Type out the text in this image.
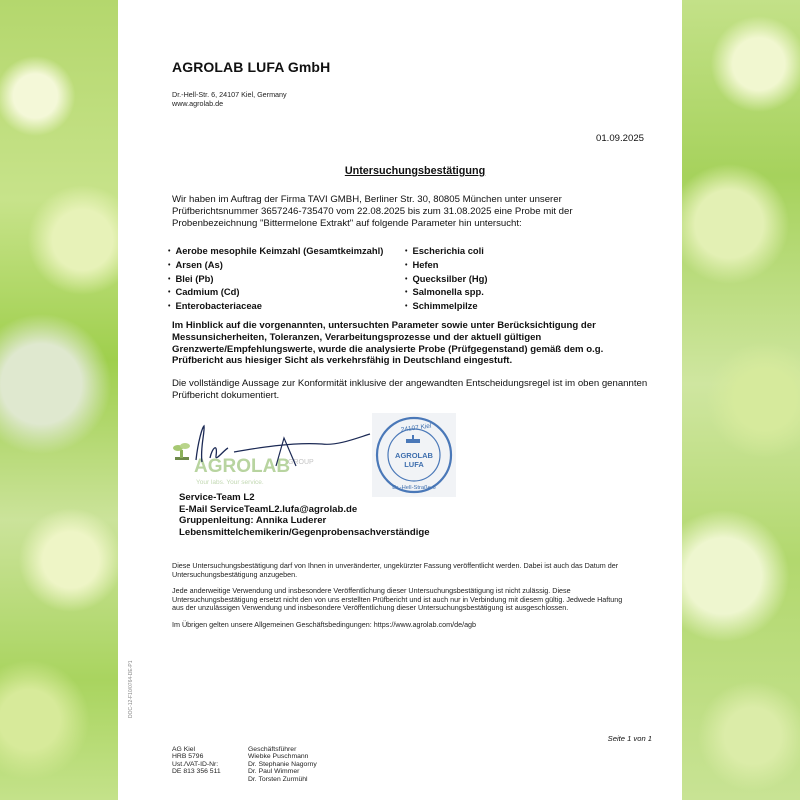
AGROLAB LUFA GmbH
Dr.-Hell-Str. 6, 24107 Kiel, Germany
www.agrolab.de
01.09.2025
Untersuchungsbestätigung
Wir haben im Auftrag der Firma TAVI GMBH, Berliner Str. 30, 80805 München unter unserer
Prüfberichtsnummer 3657246-735470 vom 22.08.2025 bis zum 31.08.2025 eine Probe mit der
Probenbezeichnung "Bittermelone Extrakt" auf folgende Parameter hin untersucht:
• Aerobe mesophile Keimzahl (Gesamtkeimzahl)
• Arsen (As)
• Blei (Pb)
• Cadmium (Cd)
• Enterobacteriaceae
• Escherichia coli
• Hefen
• Quecksilber (Hg)
• Salmonella spp.
• Schimmelpilze
Im Hinblick auf die vorgenannten, untersuchten Parameter sowie unter Berücksichtigung der
Messunsicherheiten, Toleranzen, Verarbeitungsprozesse und der aktuell gültigen
Grenzwerte/Empfehlungswerte, wurde die analysierte Probe (Prüfgegenstand) gemäß dem o.g.
Prüfbericht aus hiesiger Sicht als verkehrsfähig in Deutschland eingestuft.
Die vollständige Aussage zur Konformität inklusive der angewandten Entscheidungsregel ist im oben genannten
Prüfbericht dokumentiert.
AGROLAB
GROUP
Your labs. Your service.
24107 Kiel
AGROLAB
LUFA
Dr.-Hell-Straße 6
Service-Team L2
E-Mail ServiceTeamL2.lufa@agrolab.de
Gruppenleitung: Annika Luderer
Lebensmittelchemikerin/Gegenprobensachverständige
Diese Untersuchungsbestätigung darf von Ihnen in unveränderter, ungekürzter Fassung veröffentlicht werden. Dabei ist auch das Datum der
Untersuchungsbestätigung anzugeben.
Jede anderweitige Verwendung und insbesondere Veröffentlichung dieser Untersuchungsbestätigung ist nicht zulässig. Diese
Untersuchungsbestätigung ersetzt nicht den von uns erstellten Prüfbericht und ist auch nur in Verbindung mit diesem gültig. Jedwede Haftung
aus der unzulässigen Verwendung und insbesondere Veröffentlichung dieser Untersuchungsbestätigung ist ausgeschlossen.
Im Übrigen gelten unsere Allgemeinen Geschäftsbedingungen: https://www.agrolab.com/de/agb
Seite 1 von 1
AG Kiel
HRB 5796
Ust./VAT-ID-Nr:
DE 813 356 511
Geschäftsführer
Wiebke Puschmann
Dr. Stephanie Nagorny
Dr. Paul Wimmer
Dr. Torsten Zurmühl
DOC-12-F10/0764-DE-P1
